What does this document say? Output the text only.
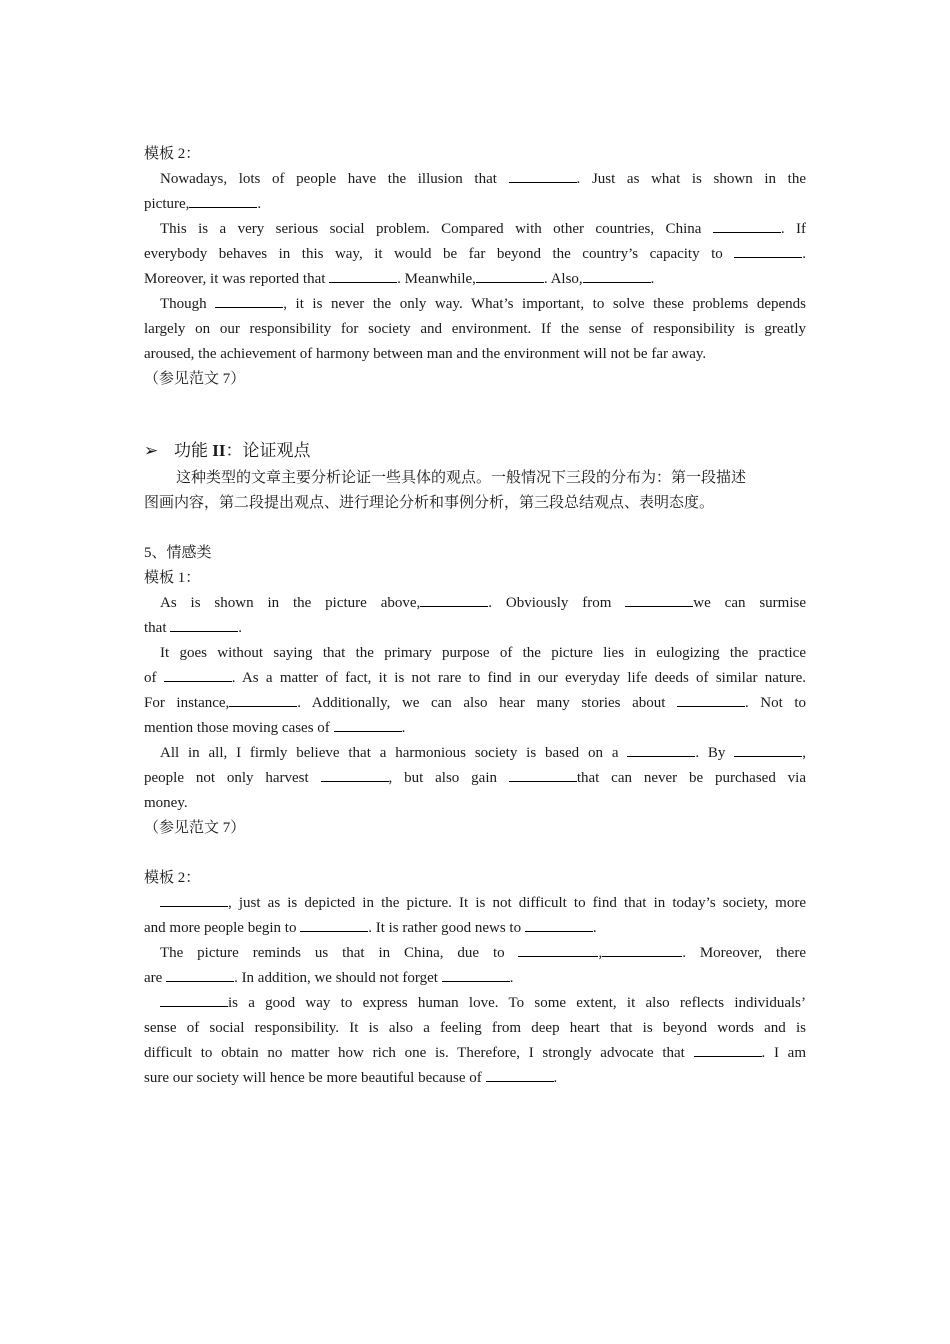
模板 2：
Nowadays, lots of people have the illusion that	. Just as what is shown in the
picture,	.
This is a very serious social problem. Compared with other countries, China	. If
everybody behaves in this way, it would be far beyond the country’s capacity to	.
Moreover, it was reported that	. Meanwhile,	. Also,	.
Though	, it is never the only way. What’s important, to solve these problems depends
largely on our responsibility for society and environment. If the sense of responsibility is greatly
aroused, the achievement of harmony between man and the environment will not be far away.
（参见范文 7）
➢ 功能 II：论证观点
这种类型的文章主要分析论证一些具体的观点。一般情况下三段的分布为：第一段描述
图画内容，第二段提出观点、进行理论分析和事例分析，第三段总结观点、表明态度。
5、情感类
模板 1：
As is shown in the picture above,	. Obviously from	we can surmise
that	.
It goes without saying that the primary purpose of the picture lies in eulogizing the practice
of	. As a matter of fact, it is not rare to find in our everyday life deeds of similar nature.
For instance,	. Additionally, we can also hear many stories about	. Not to
mention those moving cases of	.
All in all, I firmly believe that a harmonious society is based on a	. By	,
people not only harvest	, but also gain	that can never be purchased via
money.
（参见范文 7）
模板 2：
, just as is depicted in the picture. It is not difficult to find that in today’s society, more
and more people begin to	. It is rather good news to	.
The picture reminds us that in China, due to	,	. Moreover, there
are	. In addition, we should not forget	.
is a good way to express human love. To some extent, it also reflects individuals’
sense of social responsibility. It is also a feeling from deep heart that is beyond words and is
difficult to obtain no matter how rich one is. Therefore, I strongly advocate that	. I am
sure our society will hence be more beautiful because of	.
